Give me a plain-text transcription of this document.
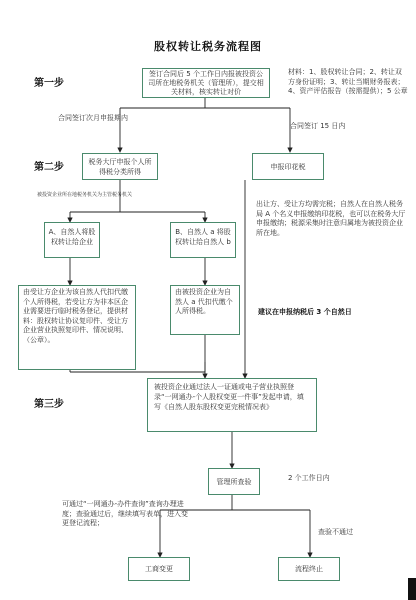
股权转让税务流程图
第一步
第二步
第三步
签订合同后 5 个工作日内报被投资公司所在地税务机关（管理所），提交相关材料，核实转让对价
材料：1、股权转让合同；2、转让双方身份证明；3、转让当期财务报表；4、资产评估报告（按需提供）；5 公章
合同签订次月申报期内
合同签订 15 日内
税务大厅申报个人所得税分类所得
申报印花税
被投资企业所在地税务机关为主管税务机关
出让方、受让方均需完税；自然人在自然人税务局 A 个名义申报缴纳印花税，也可以在税务大厅申报缴纳；税源采集时注意归属地为被投资企业所在地。
A、自然人将股权转让给企业
B、自然人 a 将股权转让给自然人 b
由受让方企业为该自然人代扣代缴个人所得税，若受让方为非本区企业需要进行临时税务登记，提供材料：股权转让协议复印件、受让方企业营业执照复印件、情况说明、（公章）。
由被投资企业为自然人 a 代扣代缴个人所得税。	建议在申报纳税后 3 个自然日
被投资企业通过法人一证通或电子营业执照登录“一网通办-个人股权变更一件事”发起申请，填写《自然人股东股权变更完税情况表》
管理所查验	2 个工作日内
可通过“一网通办-办件查询”查询办理进度；查验通过后，继续填写表单，进入变更登记流程；
查验不通过
工商变更	流程终止
